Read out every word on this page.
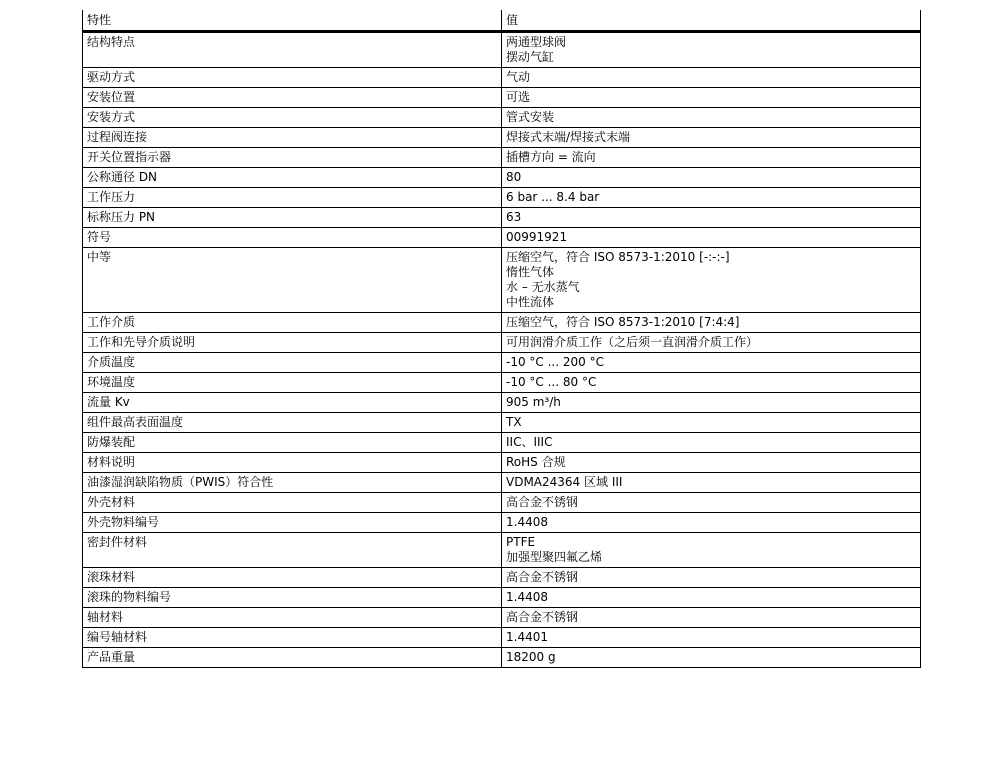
特性	值
结构特点	两通型球阀
摆动气缸

驱动方式	气动

安装位置	可选

安装方式	管式安装

过程阀连接	焊接式末端/焊接式末端

开关位置指示器	插槽方向 = 流向

公称通径 DN	80

工作压力	6 bar ... 8.4 bar

标称压力 PN	63

符号	00991921

中等	压缩空气，符合 ISO 8573-1:2010 [-:-:-]
惰性气体
水 – 无水蒸气
中性流体

工作介质	压缩空气，符合 ISO 8573-1:2010 [7:4:4]

工作和先导介质说明	可用润滑介质工作（之后须一直润滑介质工作）

介质温度	-10 °C ... 200 °C

环境温度	-10 °C ... 80 °C

流量 Kv	905 m³/h

组件最高表面温度	TX

防爆装配	IIC、IIIC

材料说明	RoHS 合规

油漆湿润缺陷物质（PWIS）符合性	VDMA24364 区域 III

外壳材料	高合金不锈钢

外壳物料编号	1.4408

密封件材料	PTFE
加强型聚四氟乙烯

滚珠材料	高合金不锈钢

滚珠的物料编号	1.4408

轴材料	高合金不锈钢

编号轴材料	1.4401

产品重量	18200 g
